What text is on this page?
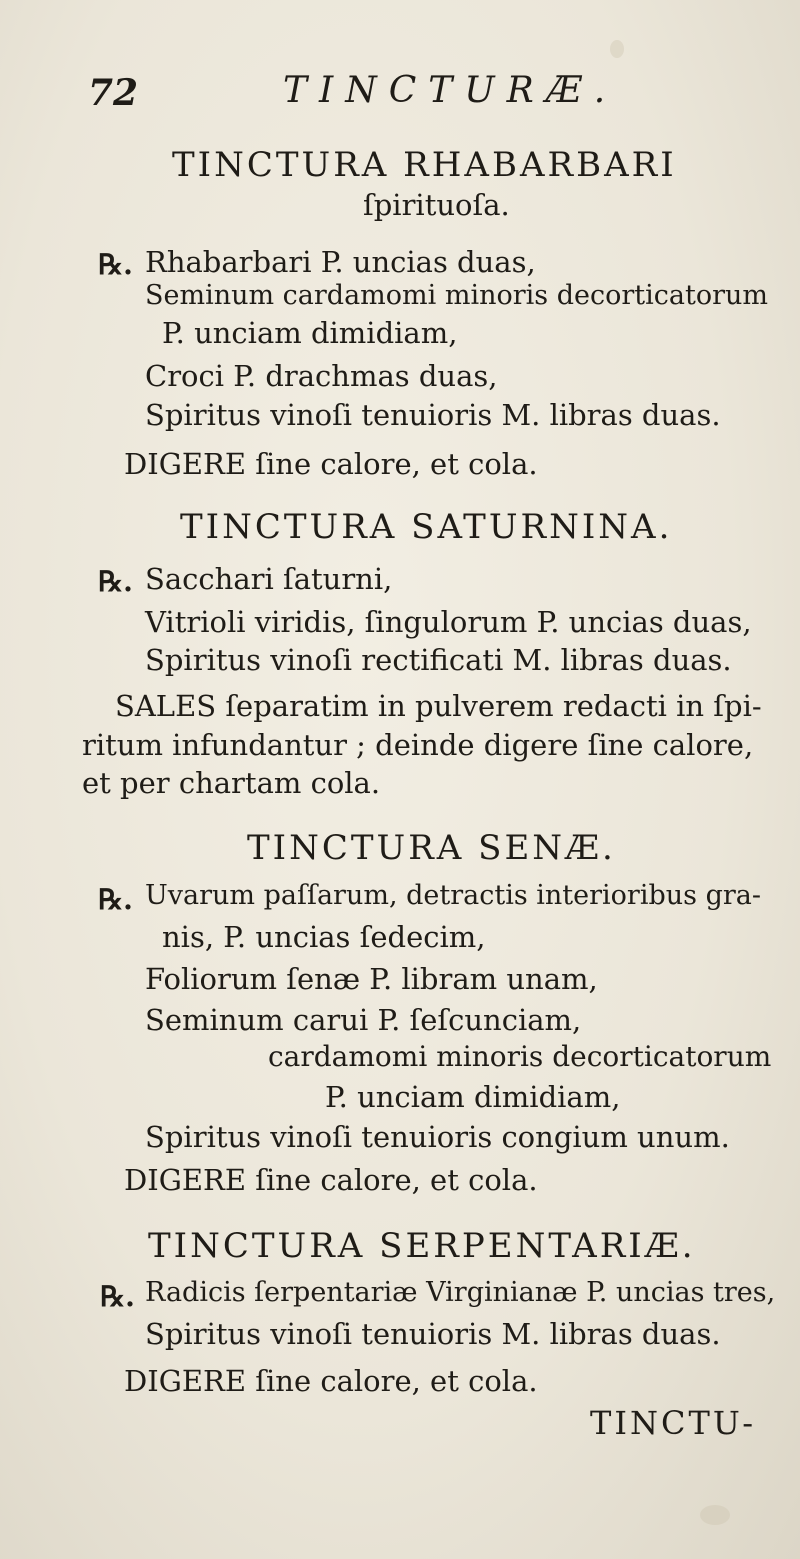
72	TINCTURÆ.
TINCTURA RHABARBARI
ſpirituoſa.
℞. Rhabarbari P. uncias duas,
Seminum cardamomi minoris decorticatorum
P. unciam dimidiam,
Croci P. drachmas duas,
Spiritus vinoſi tenuioris M. libras duas.
DIGERE ſine calore, et cola.
TINCTURA SATURNINA.
℞. Sacchari ſaturni,
Vitrioli viridis, ſingulorum P. uncias duas,
Spiritus vinoſi rectificati M. libras duas.
SALES ſeparatim in pulverem redacti in ſpi-
ritum infundantur ; deinde digere ſine calore,
et per chartam cola.
TINCTURA SENÆ.
℞. Uvarum paſſarum, detractis interioribus gra-
nis, P. uncias ſedecim,
Foliorum ſenæ P. libram unam,
Seminum carui P. ſeſcunciam,
cardamomi minoris decorticatorum
P. unciam dimidiam,
Spiritus vinoſi tenuioris congium unum.
DIGERE ſine calore, et cola.
TINCTURA SERPENTARIÆ.
℞. Radicis ſerpentariæ Virginianæ P. uncias tres,
Spiritus vinoſi tenuioris M. libras duas.
DIGERE ſine calore, et cola.
TINCTU-
